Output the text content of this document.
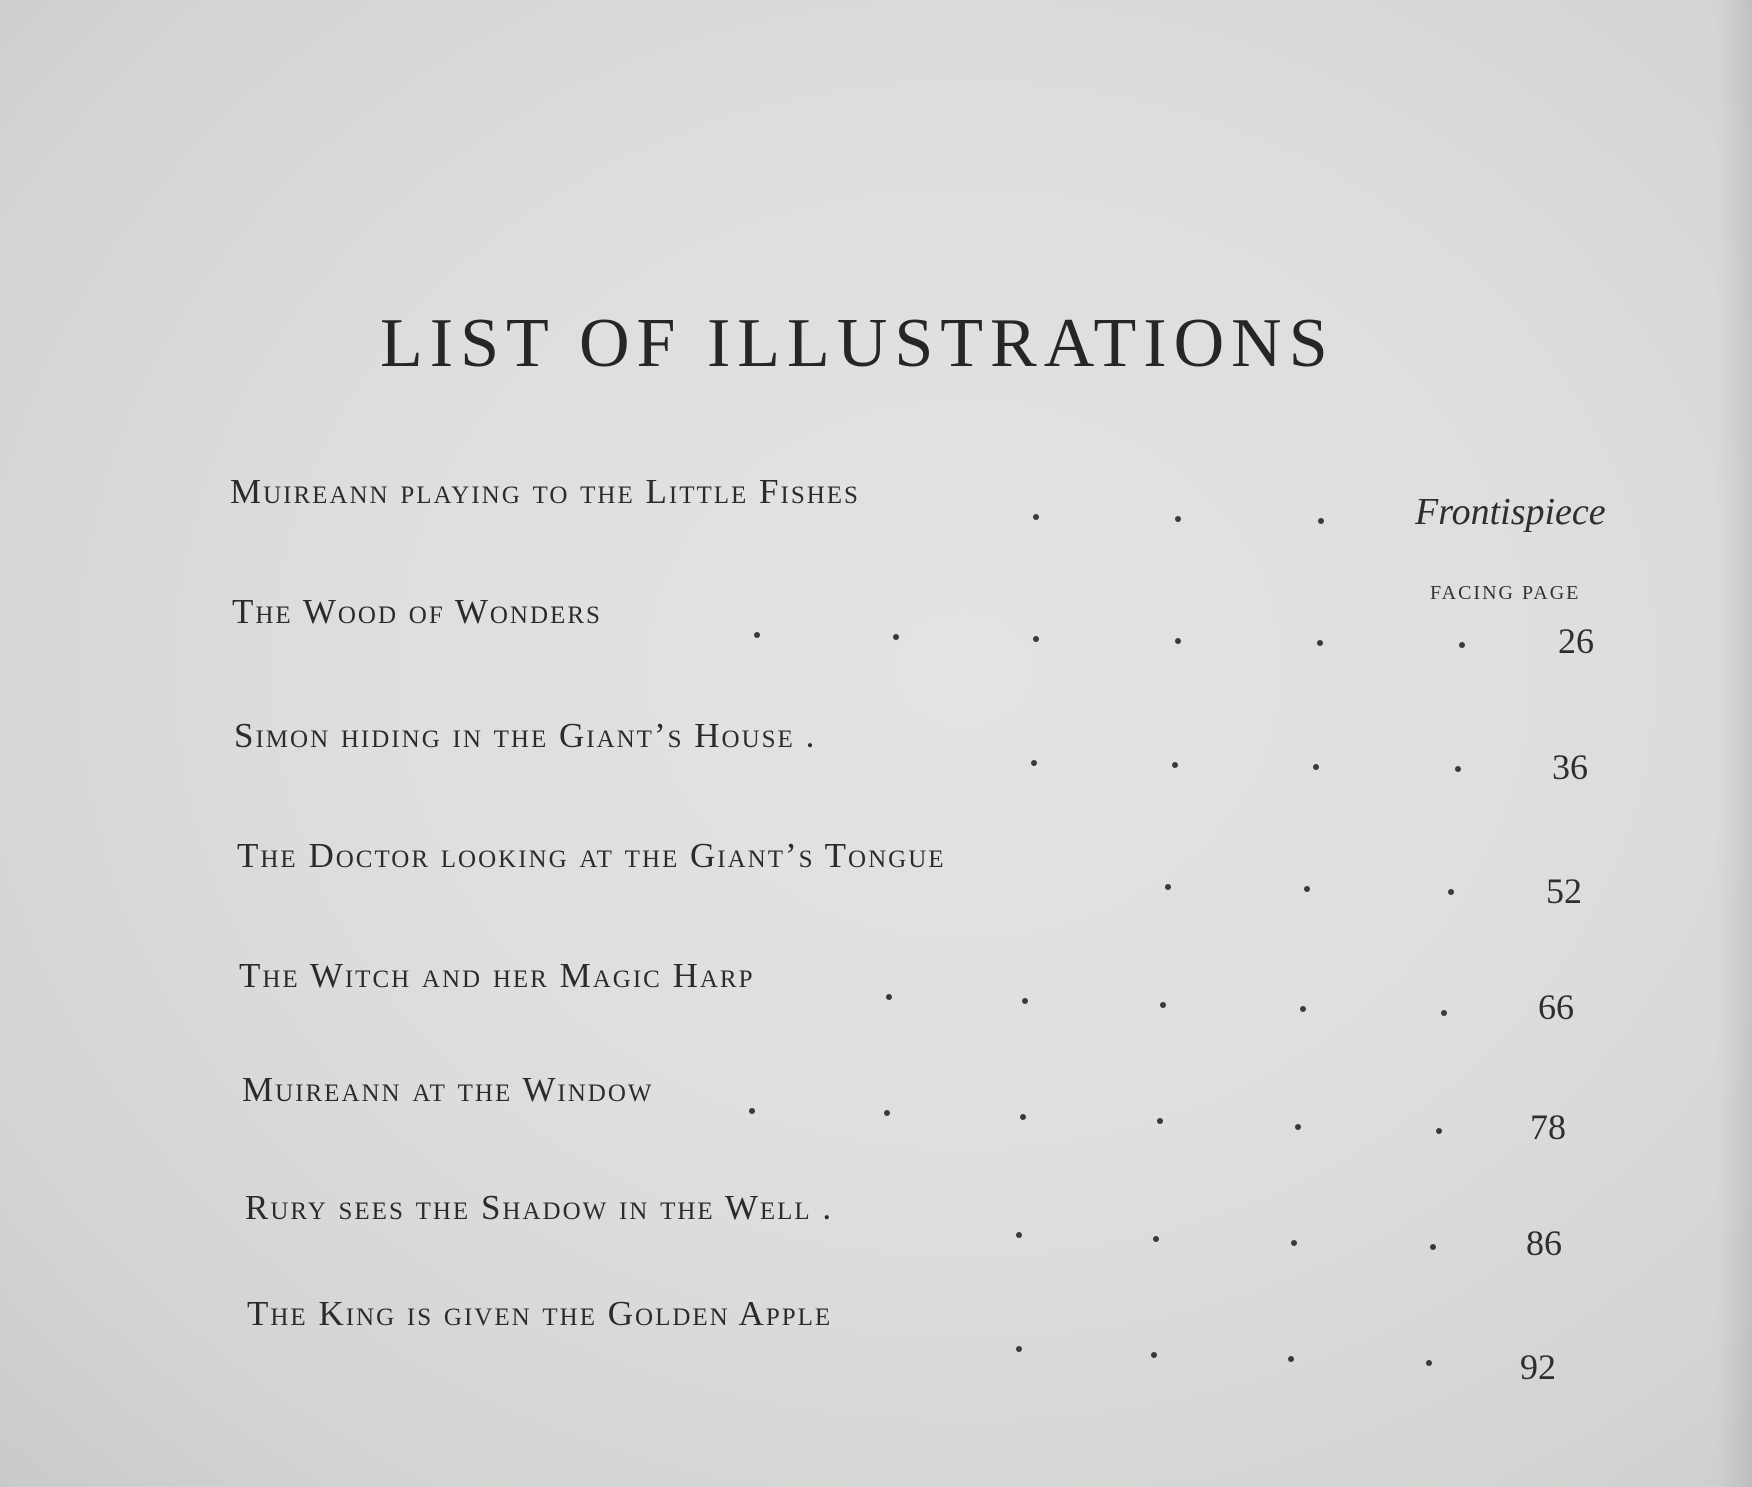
LIST OF ILLUSTRATIONS
Muireann playing to the Little Fishes	Frontispiece
FACING PAGE
The Wood of Wonders
26
Simon hiding in the Giant’s House .
36
The Doctor looking at the Giant’s Tongue
52
The Witch and her Magic Harp
66
Muireann at the Window
78
Rury sees the Shadow in the Well .
86
The King is given the Golden Apple
92
